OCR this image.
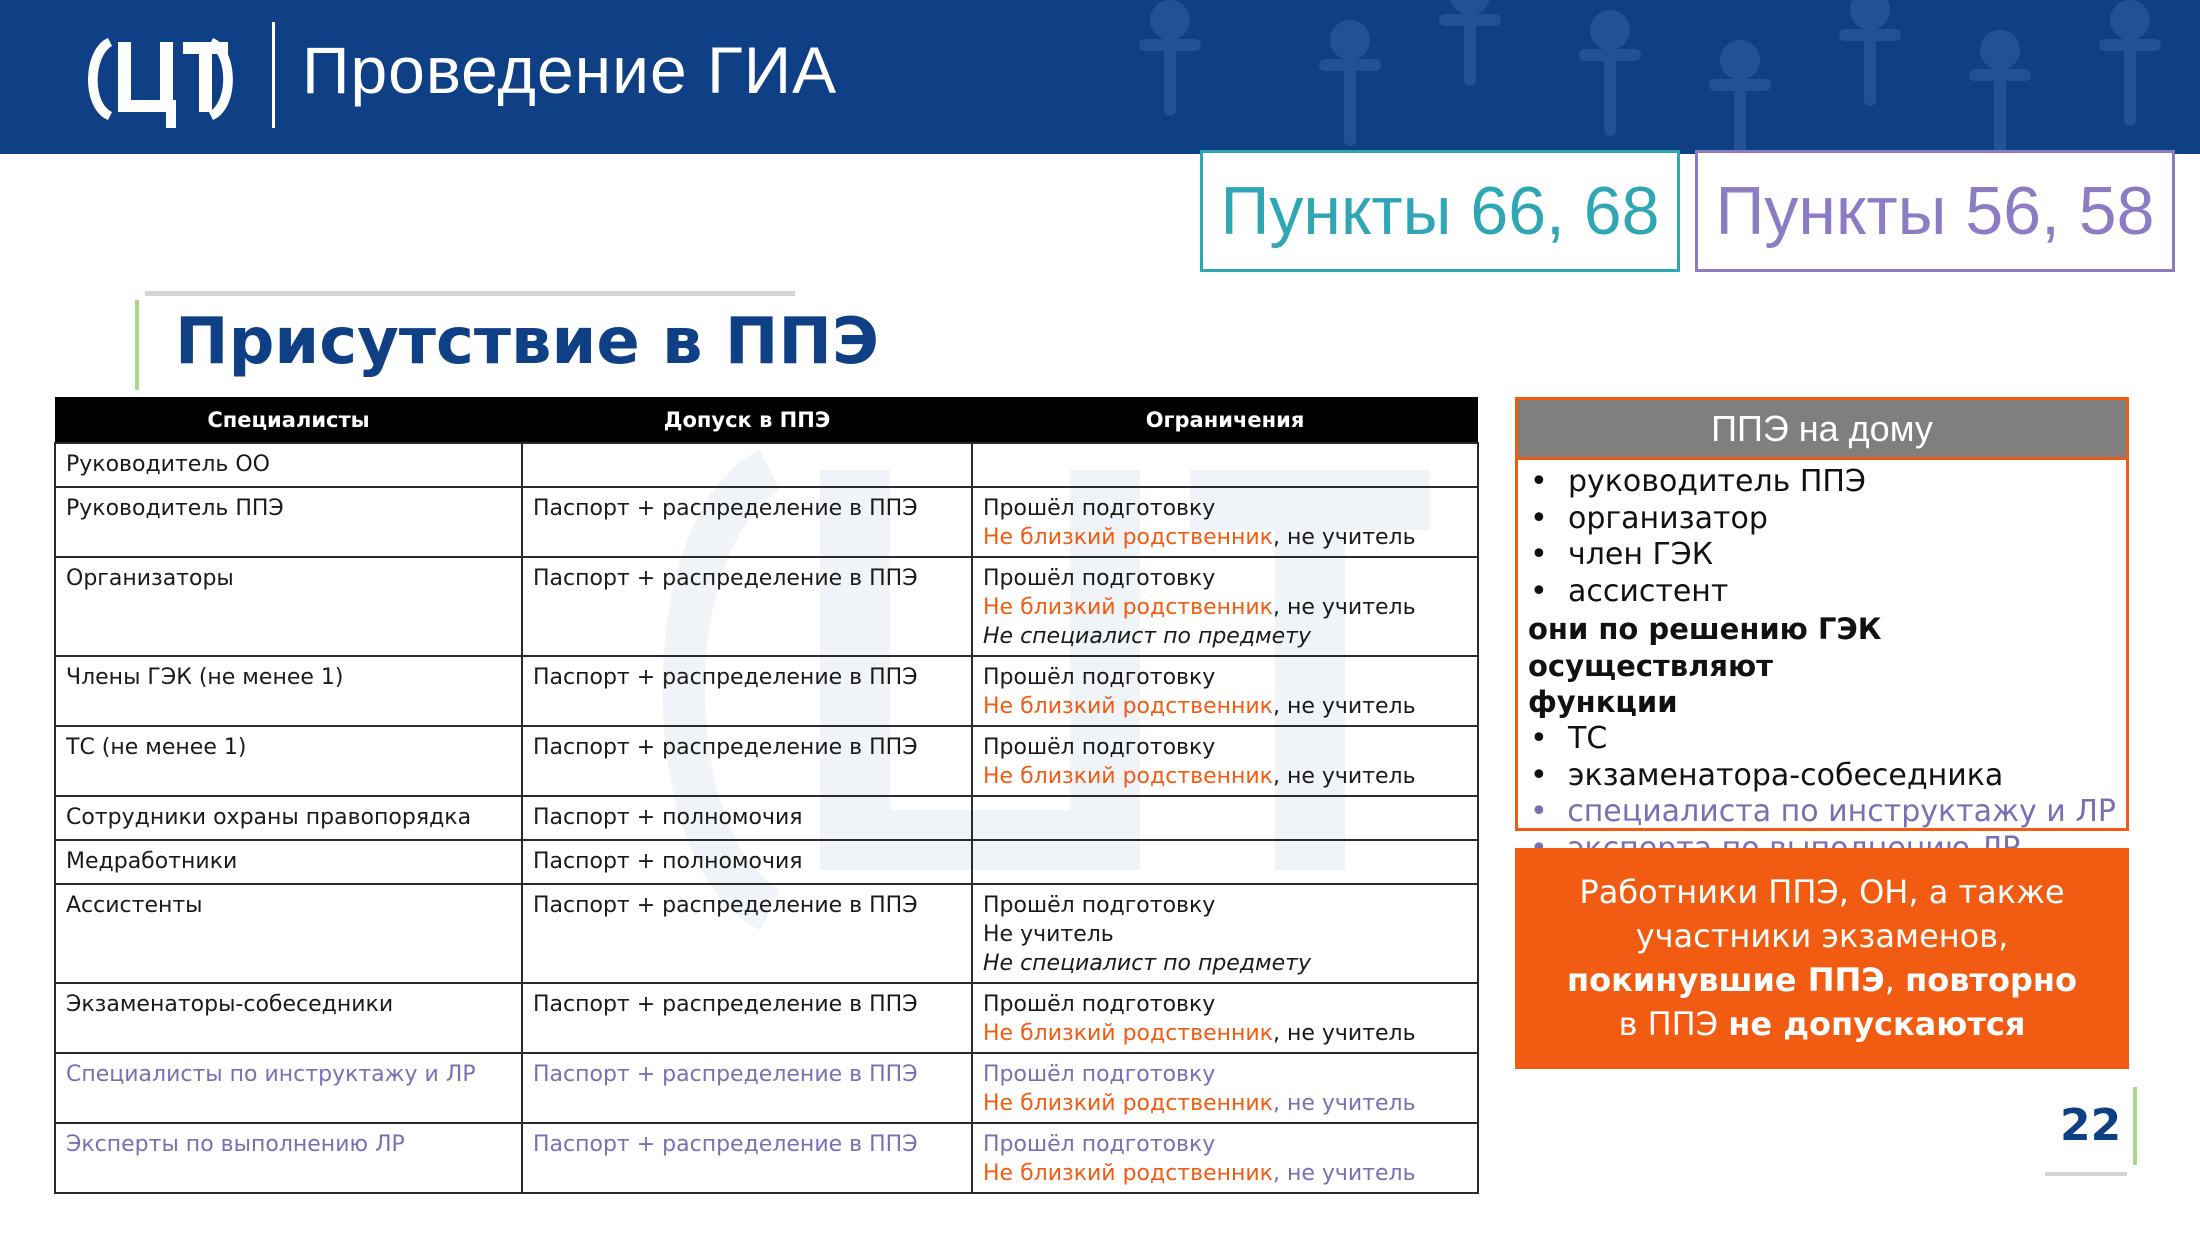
Проведение ГИА
Пункты 66, 68 Пункты 56, 58
Присутствие в ППЭ
Специалисты	Допуск в ППЭ	Ограничения
Руководитель ОО		
Руководитель ППЭ	Паспорт + распределение в ППЭ	Прошёл подготовку
Не близкий родственник, не учитель

Организаторы	Паспорт + распределение в ППЭ	Прошёл подготовку
Не близкий родственник, не учитель
Не специалист по предмету

Члены ГЭК (не менее 1)	Паспорт + распределение в ППЭ	Прошёл подготовку
Не близкий родственник, не учитель

ТС (не менее 1)	Паспорт + распределение в ППЭ	Прошёл подготовку
Не близкий родственник, не учитель

Сотрудники охраны правопорядка	Паспорт + полномочия	
Медработники	Паспорт + полномочия	
Ассистенты	Паспорт + распределение в ППЭ	Прошёл подготовку
Не учитель
Не специалист по предмету

Экзаменаторы-собеседники	Паспорт + распределение в ППЭ	Прошёл подготовку
Не близкий родственник, не учитель

Специалисты по инструктажу и ЛР	Паспорт + распределение в ППЭ	Прошёл подготовку
Не близкий родственник, не учитель

Эксперты по выполнению ЛР	Паспорт + распределение в ППЭ	Прошёл подготовку
Не близкий родственник, не учитель
ППЭ на дому
• руководитель ППЭ
• организатор
• член ГЭК
• ассистент
они по решению ГЭК осуществляют
функции
• ТС
• экзаменатора-собеседника
• специалиста по инструктажу и ЛР
Работники ППЭ, ОН, а также
участники экзаменов,
покинувшие ППЭ, повторно
в ППЭ не допускаются
22
